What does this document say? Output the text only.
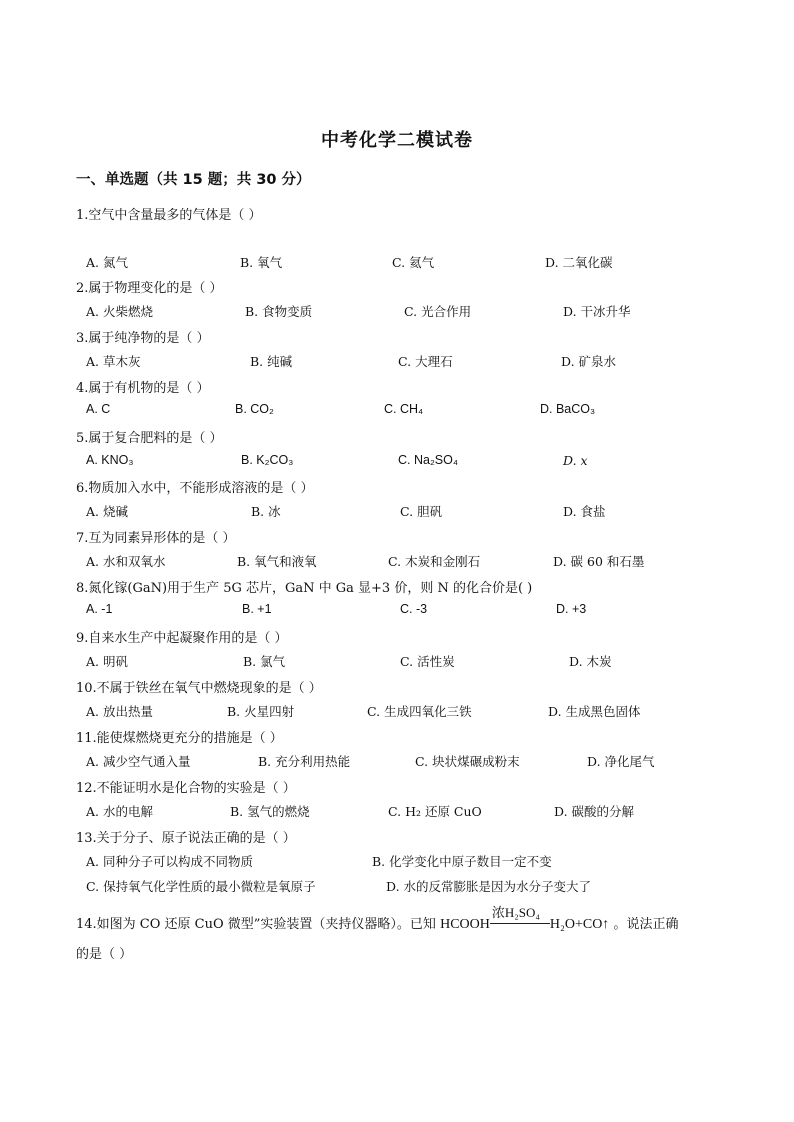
中考化学二模试卷
一、单选题（共 15 题；共 30 分）
1.空气中含量最多的气体是（ ）
A. 氮气	B. 氧气	C. 氦气	D. 二氧化碳
2.属于物理变化的是（ ）
A. 火柴燃烧	B. 食物变质	C. 光合作用	D. 干冰升华
3.属于纯净物的是（ ）
A. 草木灰	B. 纯碱	C. 大理石	D. 矿泉水
4.属于有机物的是（ ）
A. C	B. CO₂	C. CH₄	D. BaCO₃
5.属于复合肥料的是（ ）
A. KNO₃	B. K₂CO₃	C. Na₂SO₄	D. x
6.物质加入水中，不能形成溶液的是（ ）
A. 烧碱	B. 冰	C. 胆矾	D. 食盐
7.互为同素异形体的是（ ）
A. 水和双氧水	B. 氧气和液氧	C. 木炭和金刚石	D. 碳 60 和石墨
8.氮化镓(GaN)用于生产 5G 芯片，GaN 中 Ga 显+3 价，则 N 的化合价是( )
A. -1	B. +1	C. -3	D. +3
9.自来水生产中起凝聚作用的是（ ）
A. 明矾	B. 氯气	C. 活性炭	D. 木炭
10.不属于铁丝在氧气中燃烧现象的是（ ）
A. 放出热量	B. 火星四射	C. 生成四氧化三铁	D. 生成黑色固体
11.能使煤燃烧更充分的措施是（ ）
A. 减少空气通入量	B. 充分利用热能	C. 块状煤碾成粉末	D. 净化尾气
12.不能证明水是化合物的实验是（ ）
A. 水的电解	B. 氢气的燃烧	C. H₂ 还原 CuO	D. 碳酸的分解
13.关于分子、原子说法正确的是（ ）
A. 同种分子可以构成不同物质	B. 化学变化中原子数目一定不变
C. 保持氧气化学性质的最小微粒是氧原子	D. 水的反常膨胀是因为水分子变大了
14.如图为 CO 还原 CuO 微型”实验装置（夹持仪器略）。已知 HCOOH
浓H₂SO₄
H₂O+CO↑ 。说法正确
的是（ ）
